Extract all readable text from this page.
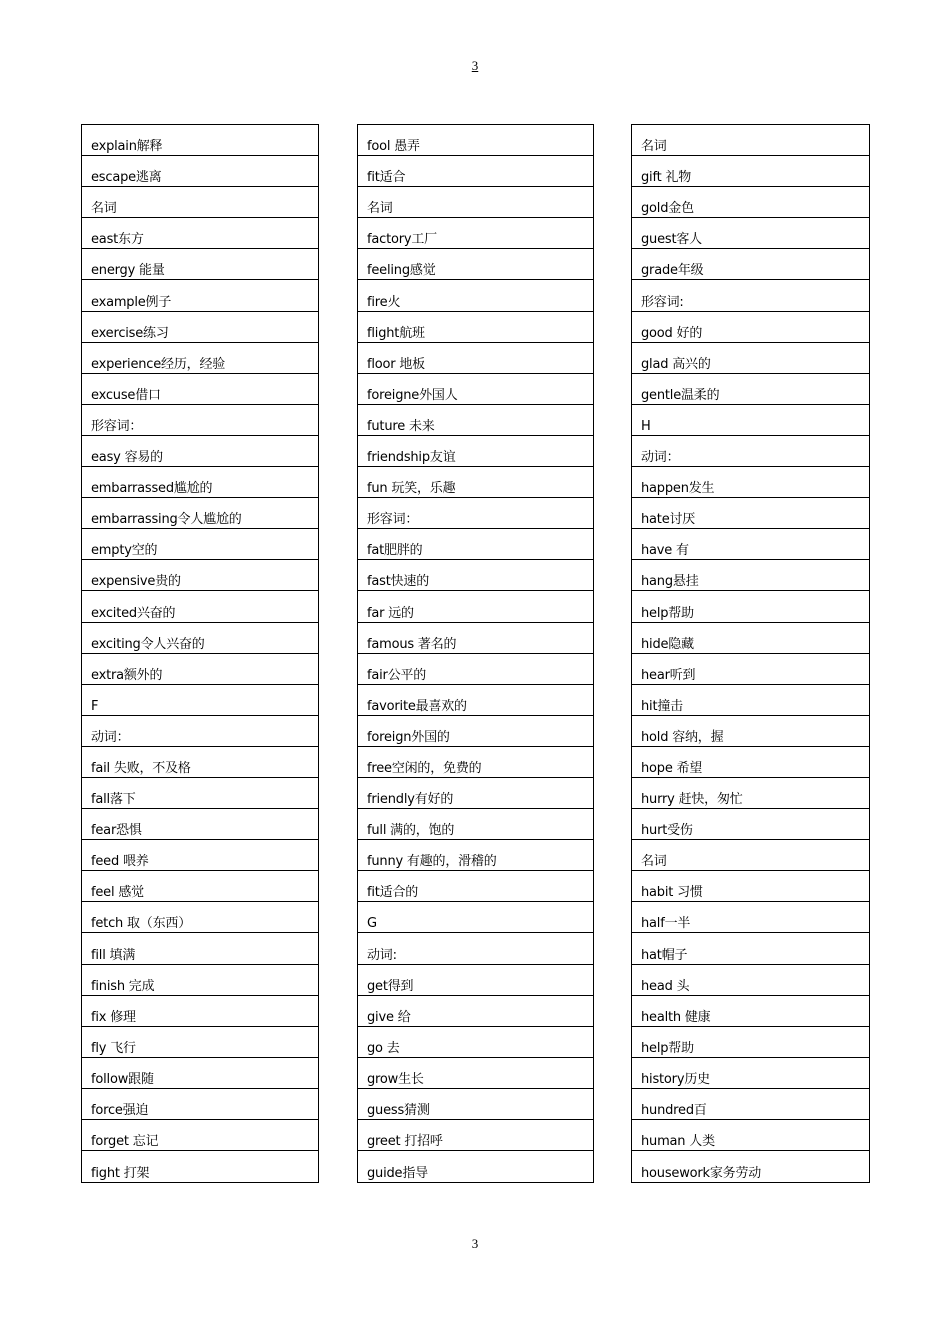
3
explain解释
escape逃离
名词
east东方
energy 能量
example例子
exercise练习
experience经历，经验
excuse借口
形容词：
easy 容易的
embarrassed尴尬的
embarrassing令人尴尬的
empty空的
expensive贵的
excited兴奋的
exciting令人兴奋的
extra额外的
F
动词：
fail 失败，不及格
fall落下
fear恐惧
feed 喂养
feel 感觉
fetch 取（东西）
fill 填满
finish 完成
fix 修理
fly 飞行
follow跟随
force强迫
forget 忘记
fight 打架
fool 愚弄
fit适合
名词
factory工厂
feeling感觉
fire火
flight航班
floor 地板
foreigne外国人
future 未来
friendship友谊
fun 玩笑，乐趣
形容词：
fat肥胖的
fast快速的
far 远的
famous 著名的
fair公平的
favorite最喜欢的
foreign外国的
free空闲的，免费的
friendly有好的
full 满的，饱的
funny 有趣的，滑稽的
fit适合的
G
动词:
get得到
give 给
go 去
grow生长
guess猜测
greet 打招呼
guide指导
名词
gift 礼物
gold金色
guest客人
grade年级
形容词:
good 好的
glad 高兴的
gentle温柔的
H
动词：
happen发生
hate讨厌
have 有
hang悬挂
help帮助
hide隐藏
hear听到
hit撞击
hold 容纳，握
hope 希望
hurry 赶快，匆忙
hurt受伤
名词
habit 习惯
half一半
hat帽子
head 头
health 健康
help帮助
history历史
hundred百
human 人类
housework家务劳动
3
